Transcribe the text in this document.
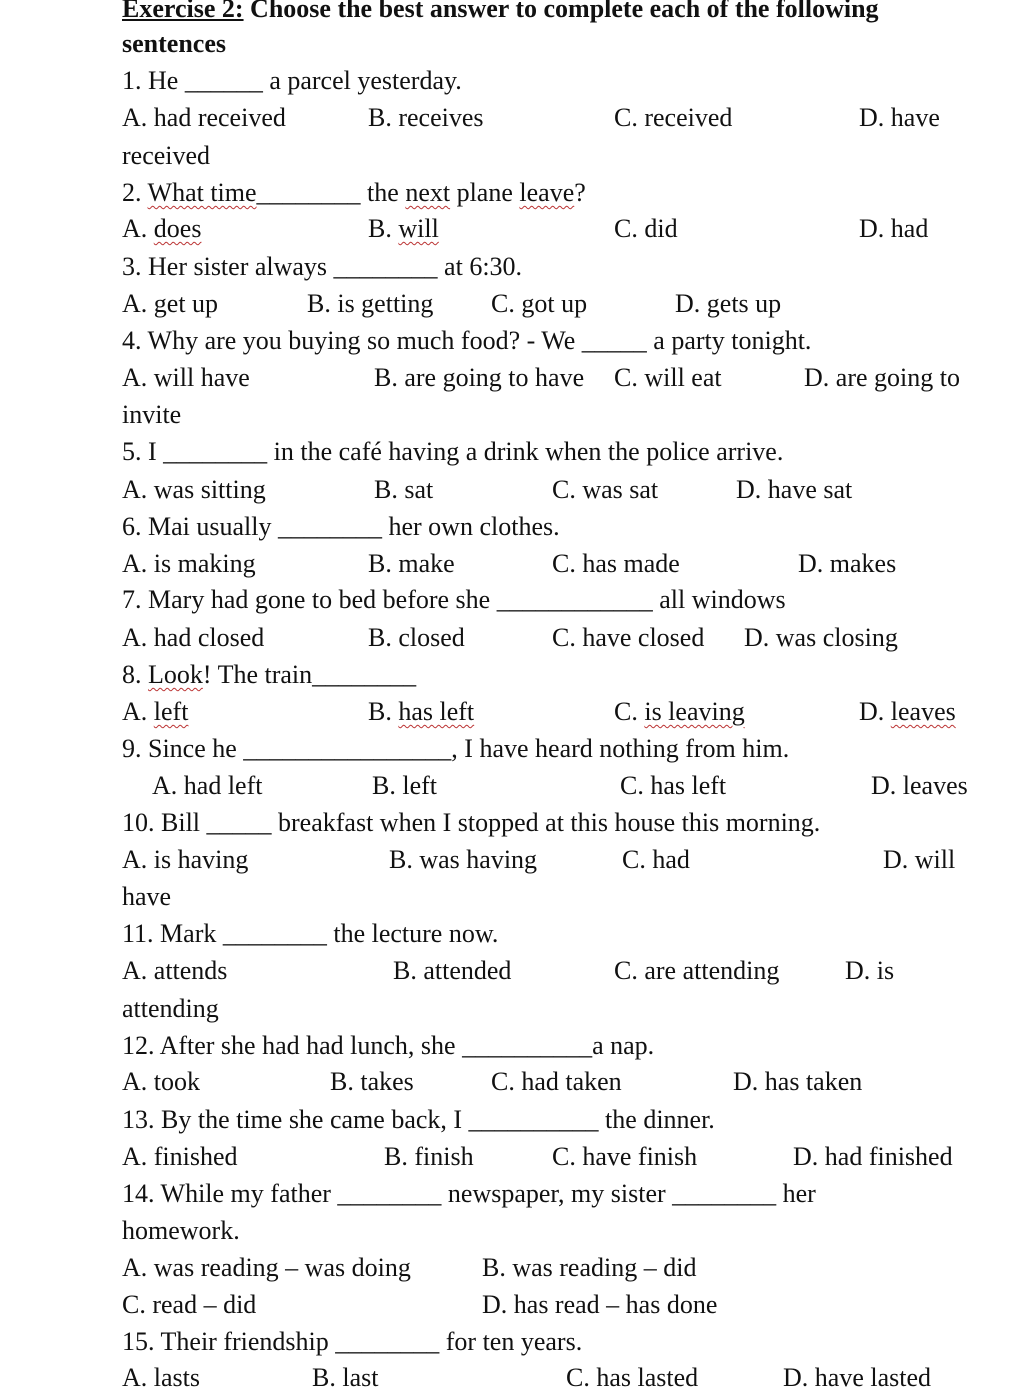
Exercise 2: Choose the best answer to complete each of the following
sentences
1. He ______ a parcel yesterday.
A. had received	B. receives	C. received	D. have
received
2. What time________ the next plane leave?
A. does	B. will	C. did	D. had
3. Her sister always ________ at 6:30.
A. get up	B. is getting C. got up	D. gets up
4. Why are you buying so much food? - We _____ a party tonight.
A. will have	B. are going to have C. will eat	D. are going to
invite
5. I ________ in the café having a drink when the police arrive.
A. was sitting	B. sat	C. was sat	D. have sat
6. Mai usually ________ her own clothes.
A. is making	B. make	C. has made	D. makes
7. Mary had gone to bed before she ____________ all windows
A. had closed	B. closed	C. have closed D. was closing
8. Look! The train________
A. left	B. has left	C. is leaving	D. leaves
9. Since he ________________, I have heard nothing from him.
A. had left	B. left	C. has left	D. leaves
10. Bill _____ breakfast when I stopped at this house this morning.
A. is having	B. was having	C. had	D. will
have
11. Mark ________ the lecture now.
A. attends	B. attended	C. are attending	D. is
attending
12. After she had had lunch, she __________a nap.
A. took	B. takes	C. had taken	D. has taken
13. By the time she came back, I __________ the dinner.
A. finished	B. finish	C. have finish	D. had finished
14. While my father ________ newspaper, my sister ________ her
homework.
A. was reading – was doing	B. was reading – did
C. read – did	D. has read – has done
15. Their friendship ________ for ten years.
A. lasts	B. last	C. has lasted	D. have lasted
